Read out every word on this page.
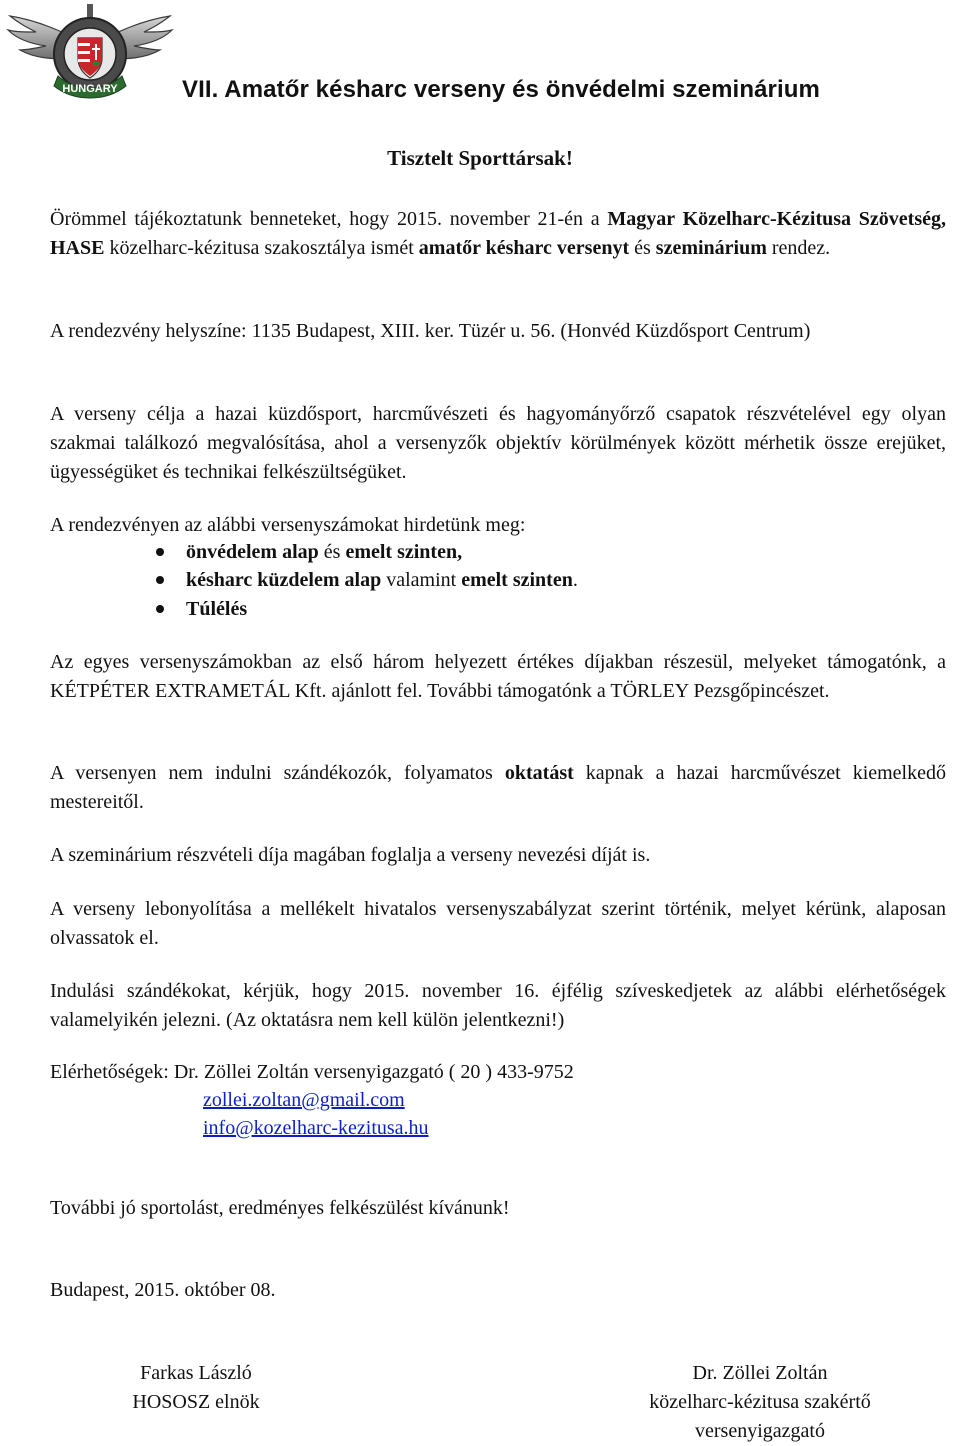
HUNGARY	VII. Amatőr késharc verseny és önvédelmi szeminárium
Tisztelt Sporttársak!
Örömmel tájékoztatunk benneteket, hogy 2015. november 21-én a Magyar Közelharc-Kézitusa Szövetség, HASE közelharc-kézitusa szakosztálya ismét amatőr késharc versenyt és szeminárium rendez.
A rendezvény helyszíne: 1135 Budapest, XIII. ker. Tüzér u. 56. (Honvéd Küzdősport Centrum)
A verseny célja a hazai küzdősport, harcművészeti és hagyományőrző csapatok részvételével egy olyan szakmai találkozó megvalósítása, ahol a versenyzők objektív körülmények között mérhetik össze erejüket, ügyességüket és technikai felkészültségüket.
A rendezvényen az alábbi versenyszámokat hirdetünk meg:
önvédelem alap és emelt szinten,
késharc küzdelem alap valamint emelt szinten.
Túlélés
Az egyes versenyszámokban az első három helyezett értékes díjakban részesül, melyeket támogatónk, a KÉTPÉTER EXTRAMETÁL Kft. ajánlott fel. További támogatónk a TÖRLEY Pezsgőpincészet.
A versenyen nem indulni szándékozók, folyamatos oktatást kapnak a hazai harcművészet kiemelkedő mestereitől.
A szeminárium részvételi díja magában foglalja a verseny nevezési díját is.
A verseny lebonyolítása a mellékelt hivatalos versenyszabályzat szerint történik, melyet kérünk, alaposan olvassatok el.
Indulási szándékokat, kérjük, hogy 2015. november 16. éjfélig szíveskedjetek az alábbi elérhetőségek valamelyikén jelezni. (Az oktatásra nem kell külön jelentkezni!)
Elérhetőségek: Dr. Zöllei Zoltán versenyigazgató ( 20 ) 433-9752
zollei.zoltan@gmail.com
info@kozelharc-kezitusa.hu
További jó sportolást, eredményes felkészülést kívánunk!
Budapest, 2015. október 08.
Farkas László
HOSOSZ elnök
Dr. Zöllei Zoltán
közelharc-kézitusa szakértő
versenyigazgató
